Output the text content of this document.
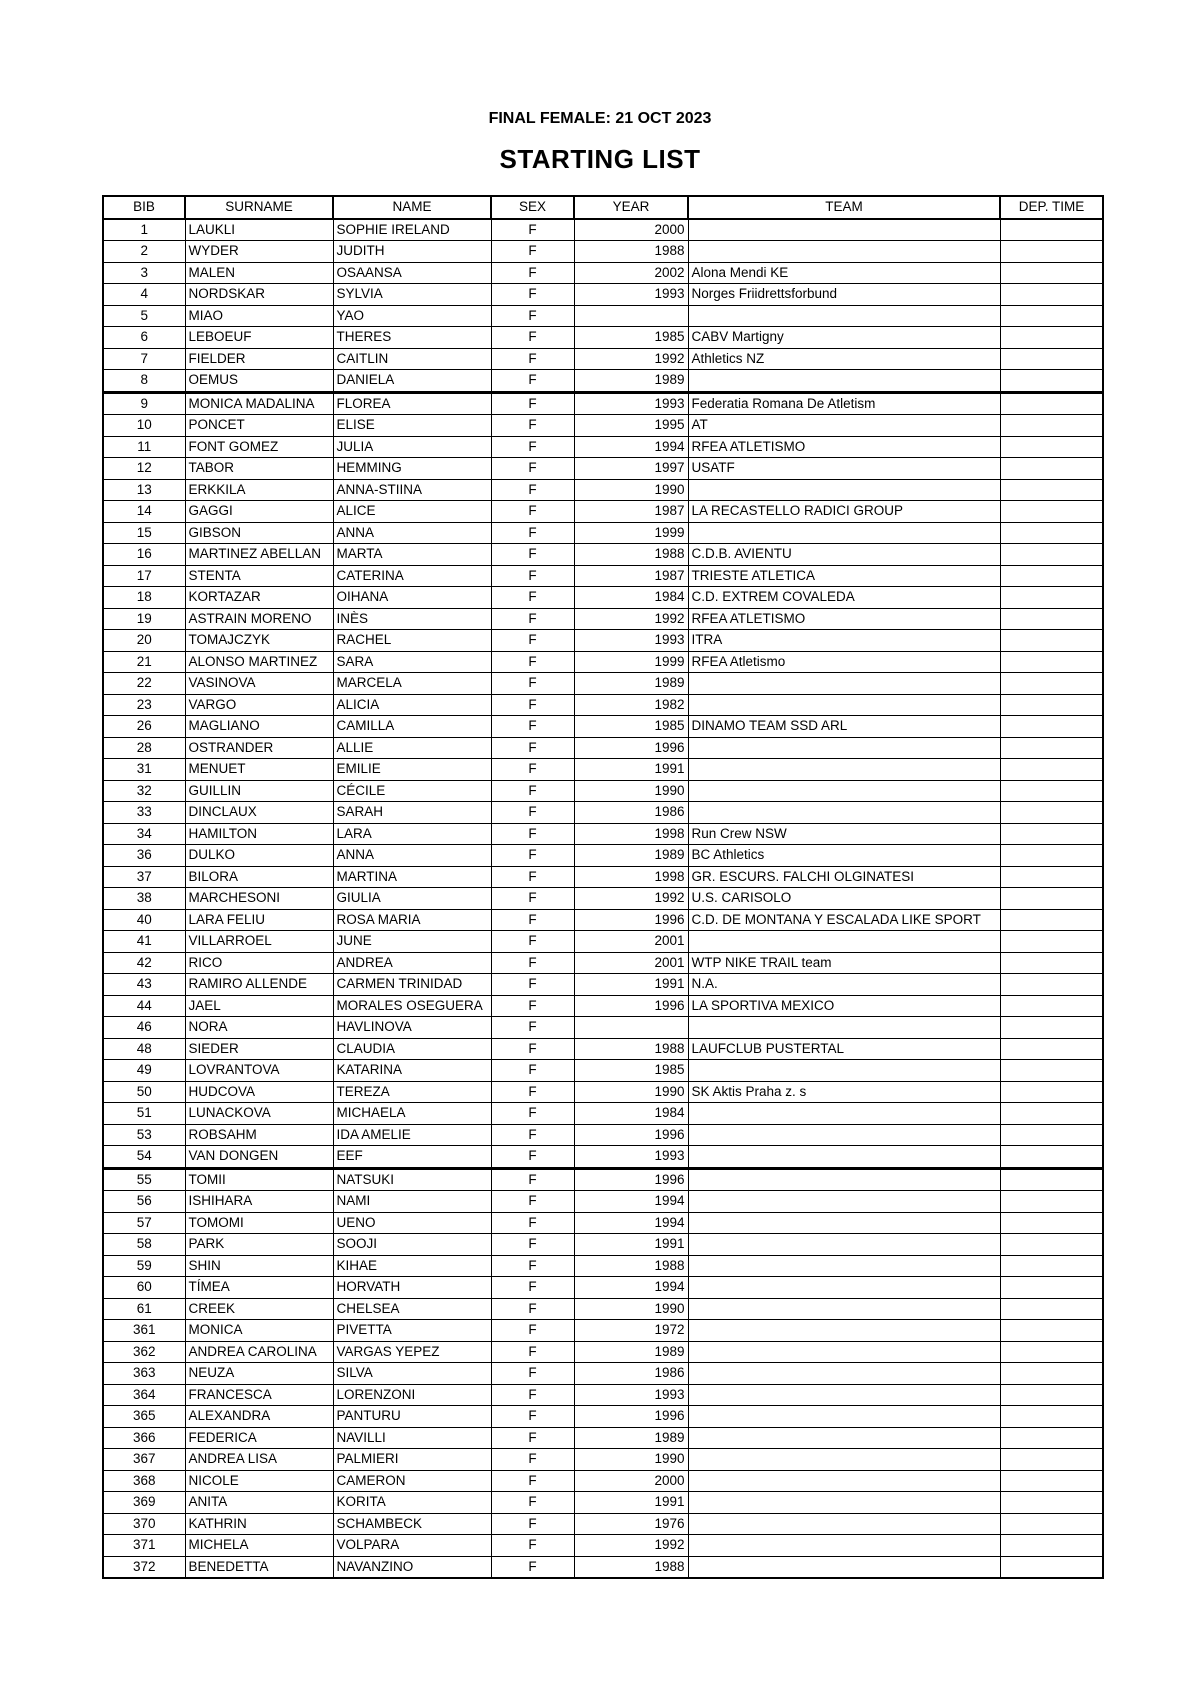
FINAL FEMALE: 21 OCT 2023
STARTING LIST
BIB	SURNAME	NAME	SEX	YEAR	TEAM	DEP. TIME
1	LAUKLI	SOPHIE IRELAND	F	2000		
2	WYDER	JUDITH	F	1988		
3	MALEN	OSAANSA	F	2002	Alona Mendi KE	
4	NORDSKAR	SYLVIA	F	1993	Norges Friidrettsforbund	
5	MIAO	YAO	F			
6	LEBOEUF	THERES	F	1985	CABV Martigny	
7	FIELDER	CAITLIN	F	1992	Athletics NZ	
8	OEMUS	DANIELA	F	1989		
9	MONICA MADALINA	FLOREA	F	1993	Federatia Romana De Atletism	
10	PONCET	ELISE	F	1995	AT	
11	FONT GOMEZ	JULIA	F	1994	RFEA ATLETISMO	
12	TABOR	HEMMING	F	1997	USATF	
13	ERKKILA	ANNA-STIINA	F	1990		
14	GAGGI	ALICE	F	1987	LA RECASTELLO RADICI GROUP	
15	GIBSON	ANNA	F	1999		
16	MARTINEZ ABELLAN	MARTA	F	1988	C.D.B. AVIENTU	
17	STENTA	CATERINA	F	1987	TRIESTE ATLETICA	
18	KORTAZAR	OIHANA	F	1984	C.D. EXTREM COVALEDA	
19	ASTRAIN MORENO	INÈS	F	1992	RFEA ATLETISMO	
20	TOMAJCZYK	RACHEL	F	1993	ITRA	
21	ALONSO MARTINEZ	SARA	F	1999	RFEA Atletismo	
22	VASINOVA	MARCELA	F	1989		
23	VARGO	ALICIA	F	1982		
26	MAGLIANO	CAMILLA	F	1985	DINAMO TEAM SSD ARL	
28	OSTRANDER	ALLIE	F	1996		
31	MENUET	EMILIE	F	1991		
32	GUILLIN	CÉCILE	F	1990		
33	DINCLAUX	SARAH	F	1986		
34	HAMILTON	LARA	F	1998	Run Crew NSW	
36	DULKO	ANNA	F	1989	BC Athletics	
37	BILORA	MARTINA	F	1998	GR. ESCURS. FALCHI OLGINATESI	
38	MARCHESONI	GIULIA	F	1992	U.S. CARISOLO	
40	LARA FELIU	ROSA MARIA	F	1996	C.D. DE MONTANA Y ESCALADA LIKE SPORT	
41	VILLARROEL	JUNE	F	2001		
42	RICO	ANDREA	F	2001	WTP NIKE TRAIL team	
43	RAMIRO ALLENDE	CARMEN TRINIDAD	F	1991	N.A.	
44	JAEL	MORALES OSEGUERA	F	1996	LA SPORTIVA MEXICO	
46	NORA	HAVLINOVA	F			
48	SIEDER	CLAUDIA	F	1988	LAUFCLUB PUSTERTAL	
49	LOVRANTOVA	KATARINA	F	1985		
50	HUDCOVA	TEREZA	F	1990	SK Aktis Praha z. s	
51	LUNACKOVA	MICHAELA	F	1984		
53	ROBSAHM	IDA AMELIE	F	1996		
54	VAN DONGEN	EEF	F	1993		
55	TOMII	NATSUKI	F	1996		
56	ISHIHARA	NAMI	F	1994		
57	TOMOMI	UENO	F	1994		
58	PARK	SOOJI	F	1991		
59	SHIN	KIHAE	F	1988		
60	TÍMEA	HORVATH	F	1994		
61	CREEK	CHELSEA	F	1990		
361	MONICA	PIVETTA	F	1972		
362	ANDREA CAROLINA	VARGAS YEPEZ	F	1989		
363	NEUZA	SILVA	F	1986		
364	FRANCESCA	LORENZONI	F	1993		
365	ALEXANDRA	PANTURU	F	1996		
366	FEDERICA	NAVILLI	F	1989		
367	ANDREA LISA	PALMIERI	F	1990		
368	NICOLE	CAMERON	F	2000		
369	ANITA	KORITA	F	1991		
370	KATHRIN	SCHAMBECK	F	1976		
371	MICHELA	VOLPARA	F	1992		
372	BENEDETTA	NAVANZINO	F	1988		
